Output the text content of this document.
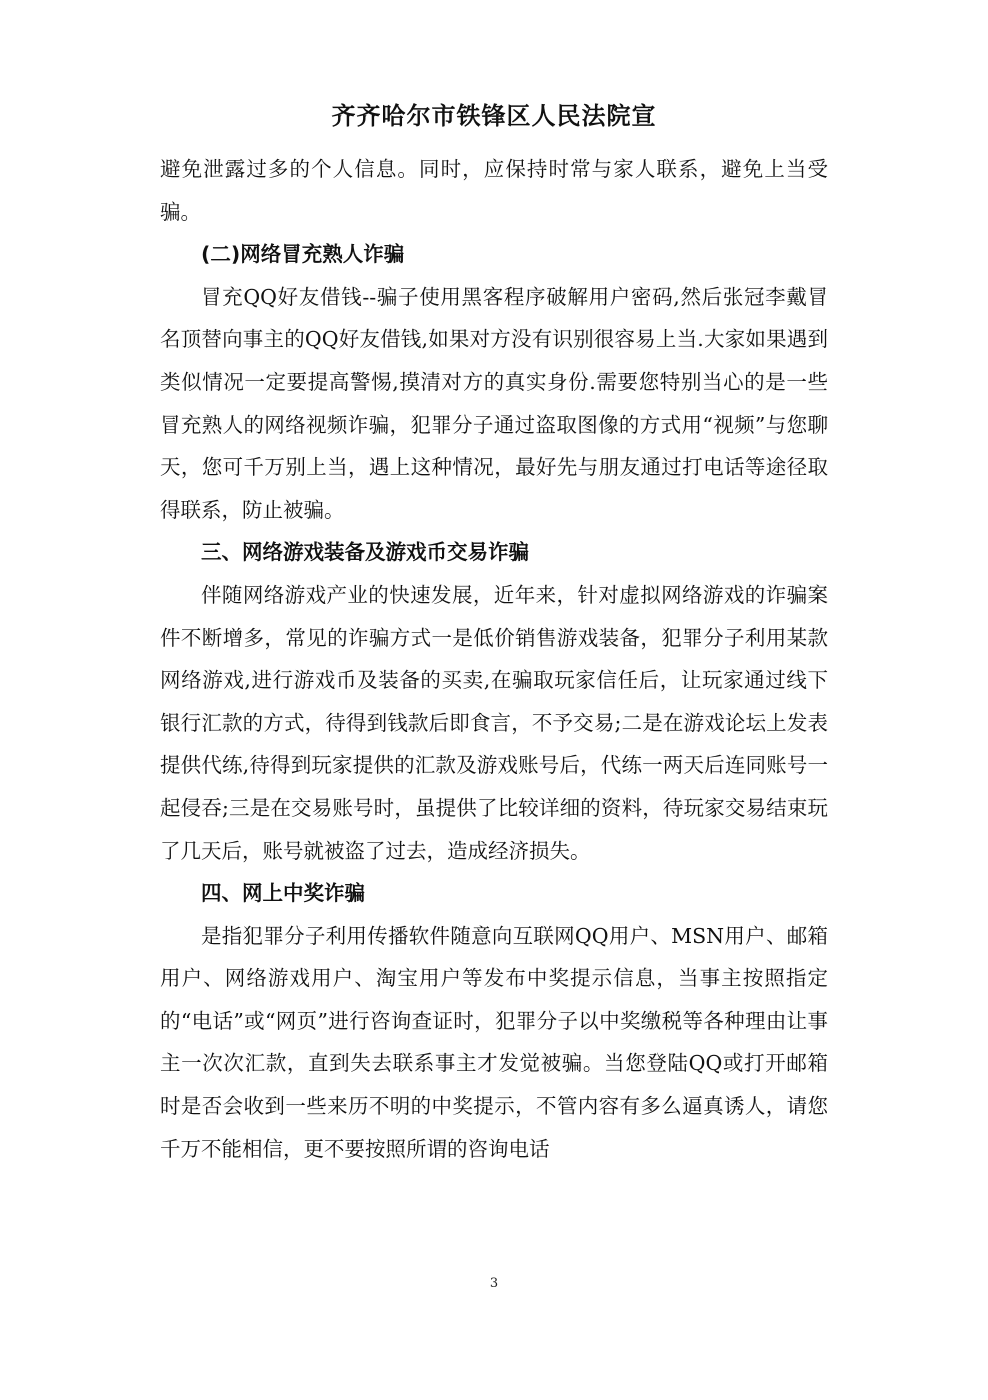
齐齐哈尔市铁锋区人民法院宣

避免泄露过多的个人信息。同时，应保持时常与家人联系，避免上当受骗。

(二)网络冒充熟人诈骗

冒充QQ好友借钱--骗子使用黑客程序破解用户密码,然后张冠李戴冒名顶替向事主的QQ好友借钱,如果对方没有识别很容易上当.大家如果遇到类似情况一定要提高警惕,摸清对方的真实身份.需要您特别当心的是一些冒充熟人的网络视频诈骗，犯罪分子通过盗取图像的方式用“视频”与您聊天，您可千万别上当，遇上这种情况，最好先与朋友通过打电话等途径取得联系，防止被骗。

三、网络游戏装备及游戏币交易诈骗

伴随网络游戏产业的快速发展，近年来，针对虚拟网络游戏的诈骗案件不断增多，常见的诈骗方式一是低价销售游戏装备，犯罪分子利用某款网络游戏,进行游戏币及装备的买卖,在骗取玩家信任后，让玩家通过线下银行汇款的方式，待得到钱款后即食言，不予交易;二是在游戏论坛上发表提供代练,待得到玩家提供的汇款及游戏账号后，代练一两天后连同账号一起侵吞;三是在交易账号时，虽提供了比较详细的资料，待玩家交易结束玩了几天后，账号就被盗了过去，造成经济损失。

四、网上中奖诈骗

是指犯罪分子利用传播软件随意向互联网QQ用户、MSN用户、邮箱用户、网络游戏用户、淘宝用户等发布中奖提示信息，当事主按照指定的“电话”或“网页”进行咨询查证时，犯罪分子以中奖缴税等各种理由让事主一次次汇款，直到失去联系事主才发觉被骗。当您登陆QQ或打开邮箱时是否会收到一些来历不明的中奖提示，不管内容有多么逼真诱人，请您千万不能相信，更不要按照所谓的咨询电话

3
